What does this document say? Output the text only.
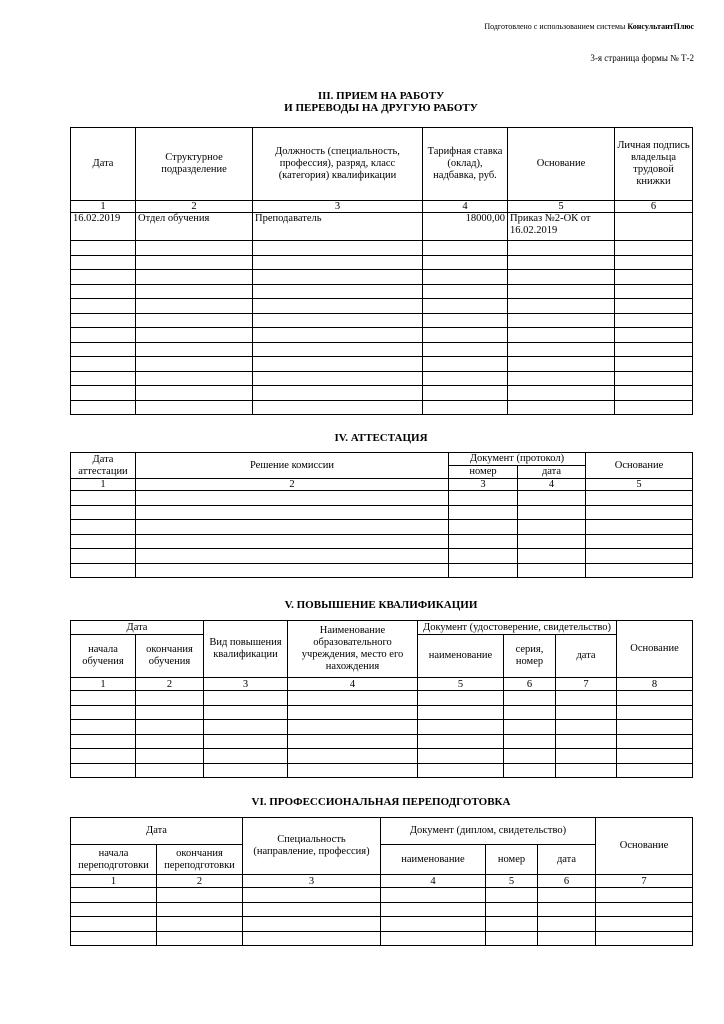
Подготовлено с использованием системы КонсультантПлюс
3-я страница формы № Т-2
III. ПРИЕМ НА РАБОТУ
И ПЕРЕВОДЫ НА ДРУГУЮ РАБОТУ
Дата	Структурное подразделение	Должность (специальность, профессия), разряд, класс (категория) квалификации	Тарифная ставка (оклад), надбавка, руб.	Основание	Личная подпись владельца трудовой книжки
1	2	3	4	5	6
16.02.2019	Отдел обучения	Преподаватель	18000,00	Приказ №2-ОК от 16.02.2019	

IV. АТТЕСТАЦИЯ
Дата аттестации	Решение комиссии	Документ (протокол)		Основание
		номер	дата	
1	2	3	4	5

V. ПОВЫШЕНИЕ КВАЛИФИКАЦИИ
Дата		Вид повышения квалификации	Наименование образовательного учреждения, место его нахождения	Документ (удостоверение, свидетельство)			Основание
начала обучения	окончания обучения			наименование	серия, номер	дата	
1	2	3	4	5	6	7	8

VI. ПРОФЕССИОНАЛЬНАЯ ПЕРЕПОДГОТОВКА
Дата		Специальность (направление, профессия)	Документ (диплом, свидетельство)			Основание
начала переподготовки	окончания переподготовки		наименование	номер	дата	
1	2	3	4	5	6	7
